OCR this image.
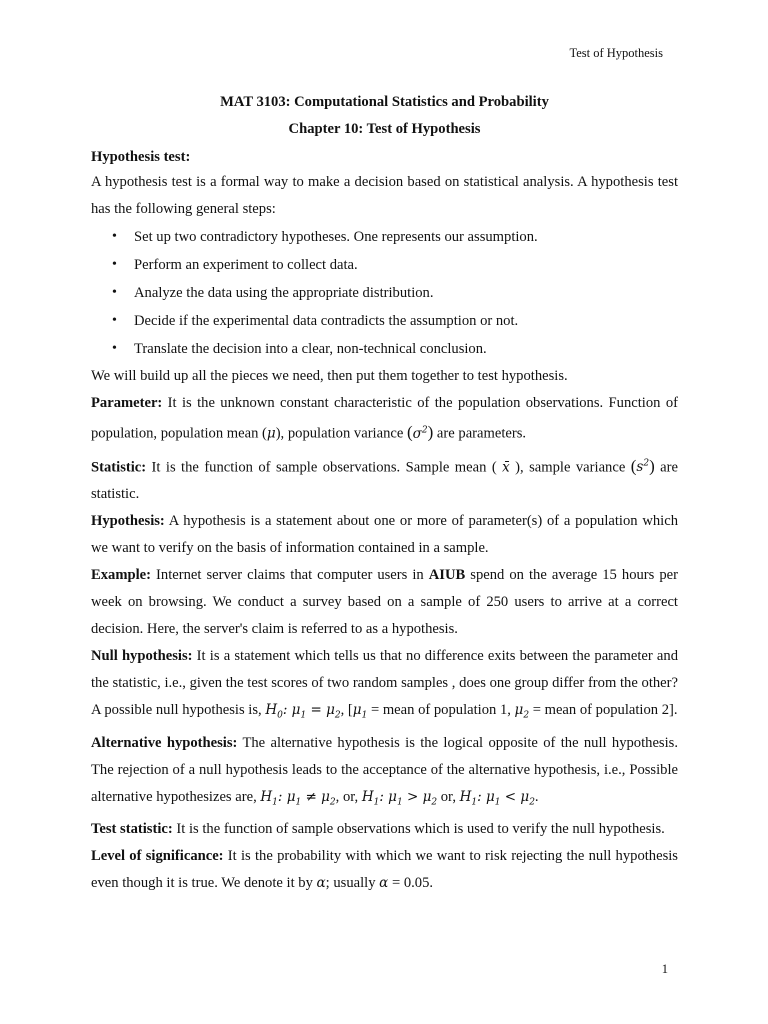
Test of Hypothesis

MAT 3103: Computational Statistics and Probability

Chapter 10: Test of Hypothesis

Hypothesis test:

A hypothesis test is a formal way to make a decision based on statistical analysis. A hypothesis test has the following general steps:

• Set up two contradictory hypotheses. One represents our assumption.
• Perform an experiment to collect data.
• Analyze the data using the appropriate distribution.
• Decide if the experimental data contradicts the assumption or not.
• Translate the decision into a clear, non-technical conclusion.

We will build up all the pieces we need, then put them together to test hypothesis.

Parameter: It is the unknown constant characteristic of the population observations. Function of population, population mean (μ), population variance $(\sigma^2)$ are parameters.

Statistic: It is the function of sample observations. Sample mean ( x̄ ), sample variance $(s^2)$ are statistic.

Hypothesis: A hypothesis is a statement about one or more of parameter(s) of a population which we want to verify on the basis of information contained in a sample.

Example: Internet server claims that computer users in AIUB spend on the average 15 hours per week on browsing. We conduct a survey based on a sample of 250 users to arrive at a correct decision. Here, the server's claim is referred to as a hypothesis.

Null hypothesis: It is a statement which tells us that no difference exits between the parameter and the statistic, i.e., given the test scores of two random samples , does one group differ from the other? A possible null hypothesis is, $H_0$: $\mu_1 = \mu_2$, [$\mu_1$ = mean of population 1, $\mu_2$ = mean of population 2].

Alternative hypothesis: The alternative hypothesis is the logical opposite of the null hypothesis. The rejection of a null hypothesis leads to the acceptance of the alternative hypothesis, i.e., Possible alternative hypothesizes are, $H_1$: $\mu_1 \ne \mu_2$, or, $H_1$: $\mu_1 > \mu_2$ or, $H_1$: $\mu_1 < \mu_2$.

Test statistic: It is the function of sample observations which is used to verify the null hypothesis.

Level of significance: It is the probability with which we want to risk rejecting the null hypothesis even though it is true. We denote it by α; usually α = 0.05.

1
